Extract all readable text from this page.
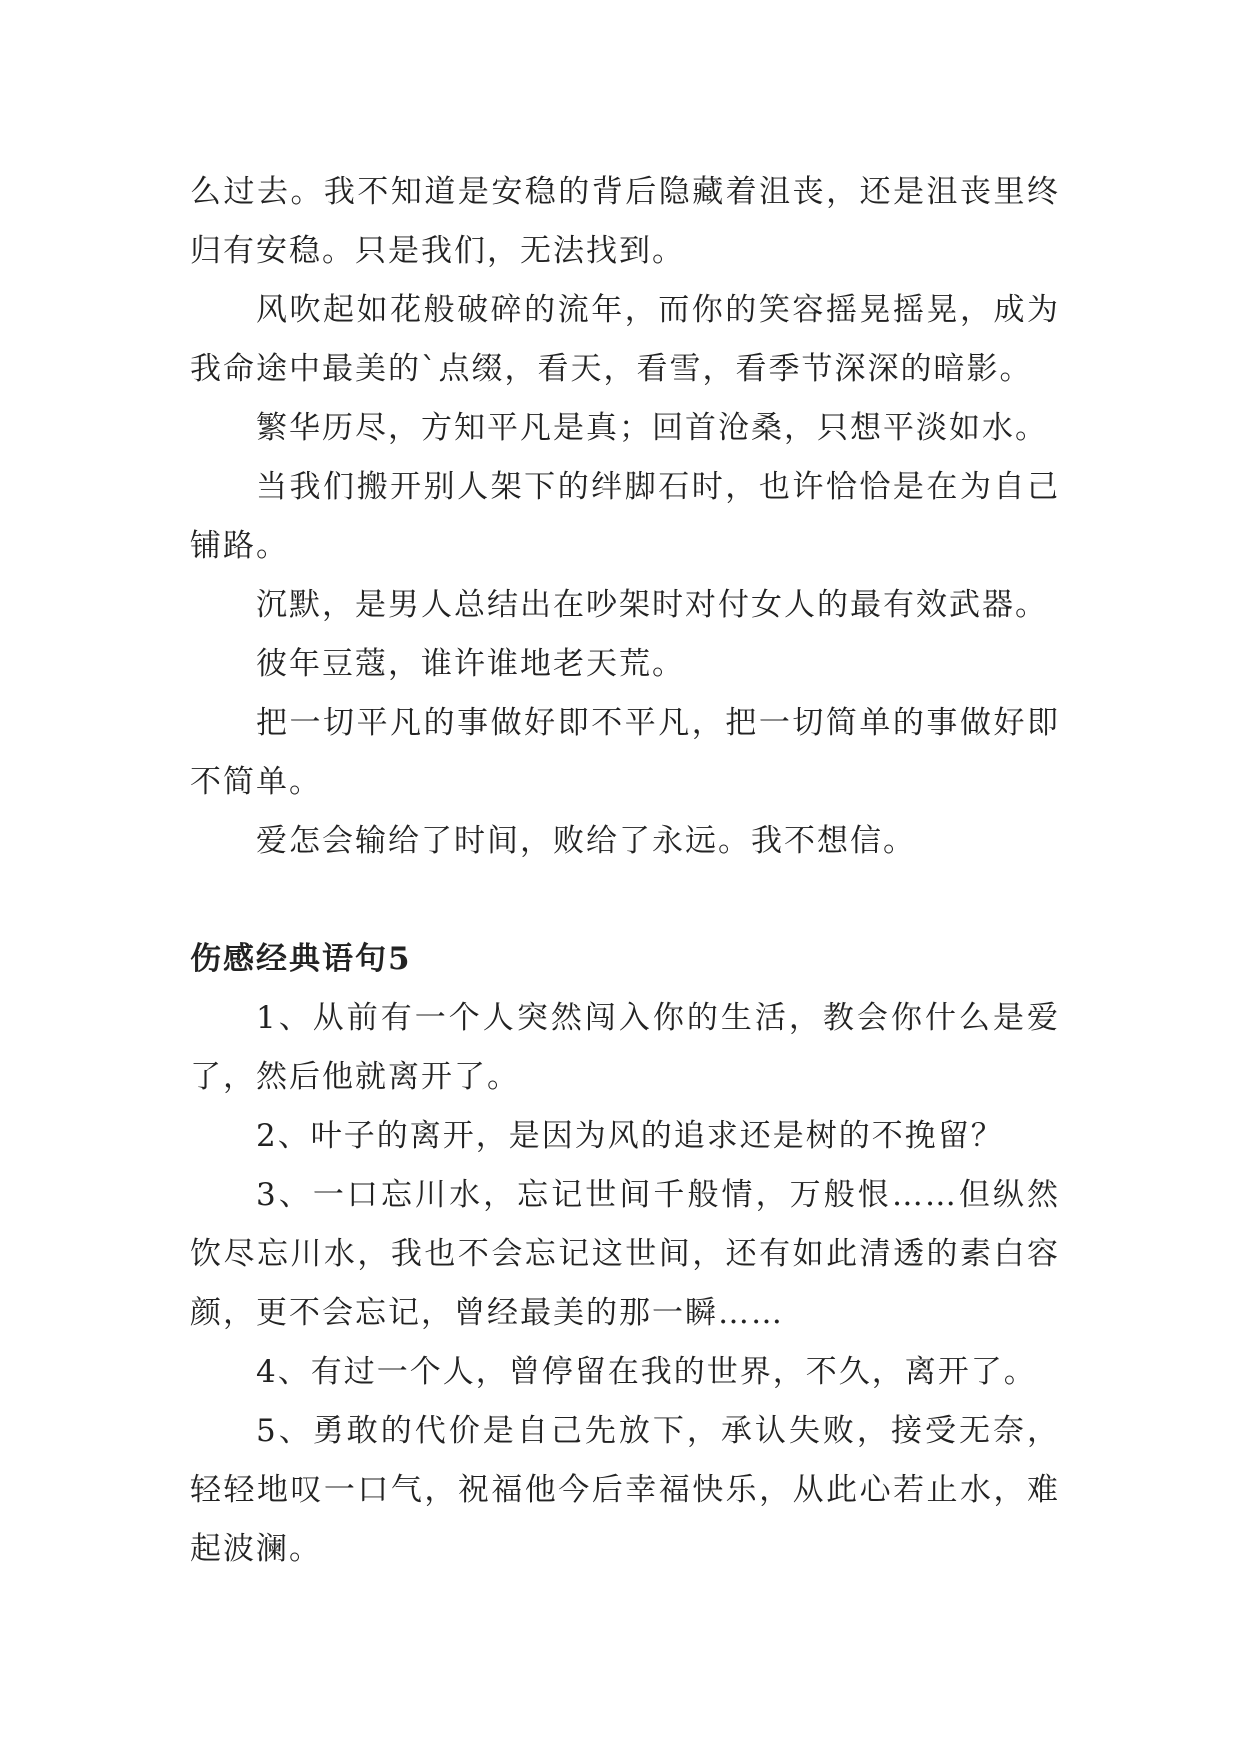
么过去。我不知道是安稳的背后隐藏着沮丧，还是沮丧里终归有安稳。只是我们，无法找到。

风吹起如花般破碎的流年，而你的笑容摇晃摇晃，成为我命途中最美的`点缀，看天，看雪，看季节深深的暗影。

繁华历尽，方知平凡是真；回首沧桑，只想平淡如水。

当我们搬开别人架下的绊脚石时，也许恰恰是在为自己铺路。

沉默，是男人总结出在吵架时对付女人的最有效武器。

彼年豆蔻，谁许谁地老天荒。

把一切平凡的事做好即不平凡，把一切简单的事做好即不简单。

爱怎会输给了时间，败给了永远。我不想信。

伤感经典语句5

1、从前有一个人突然闯入你的生活，教会你什么是爱了，然后他就离开了。

2、叶子的离开，是因为风的追求还是树的不挽留？

3、一口忘川水，忘记世间千般情，万般恨……但纵然饮尽忘川水，我也不会忘记这世间，还有如此清透的素白容颜，更不会忘记，曾经最美的那一瞬……

4、有过一个人，曾停留在我的世界，不久，离开了。

5、勇敢的代价是自己先放下，承认失败，接受无奈，轻轻地叹一口气，祝福他今后幸福快乐，从此心若止水，难起波澜。
